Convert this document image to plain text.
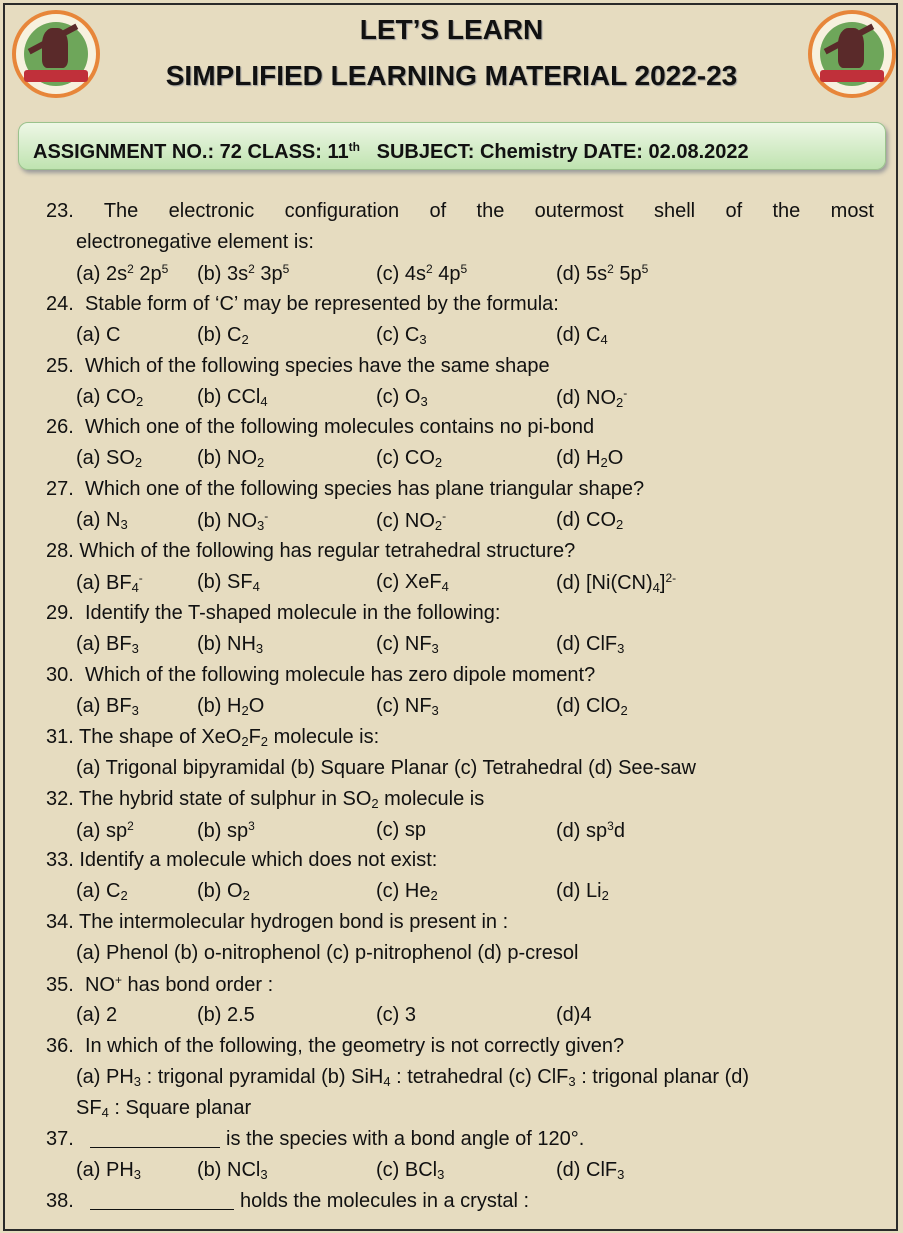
LET’S LEARN
SIMPLIFIED LEARNING MATERIAL 2022-23
ASSIGNMENT NO.: 72 CLASS: 11th SUBJECT: Chemistry DATE: 02.08.2022
23. The electronic configuration of the outermost shell of the most
electronegative element is:
(a) $2s^2$ $2p^5$ (b) $3s^2$ $3p^5$	(c) $4s^2$ $4p^5$	(d) $5s^2$ $5p^5$
24. Stable form of ‘C’ may be represented by the formula:
(a) C	(b) $C_2$	(c) $C_3$	(d) $C_4$
25. Which of the following species have the same shape
(a) $CO_2$	(b) CCl$_4$	(c) $O_3$	(d) $NO_2^-$
26. Which one of the following molecules contains no pi-bond
(a) $SO_2$	(b) $NO_2$	(c) $CO_2$	(d) $H_2O$
27. Which one of the following species has plane triangular shape?
(a) $N_3$	(b) $NO_3^-$	(c) $NO_2^-$	(d) $CO_2$
28. Which of the following has regular tetrahedral structure?
(a) $BF_4^-$	(b) $SF_4$	(c) XeF$_4$	(d) $[Ni(CN)_4]^{2-}$
29. Identify the T-shaped molecule in the following:
(a) $BF_3$	(b) $NH_3$	(c) $NF_3$	(d) ClF$_3$
30. Which of the following molecule has zero dipole moment?
(a) $BF_3$	(b) $H_2O$	(c) $NF_3$	(d) ClO$_2$
31. The shape of $XeO_2F_2$ molecule is:
(a) Trigonal bipyramidal (b) Square Planar (c) Tetrahedral (d) See-saw
32. The hybrid state of sulphur in $SO_2$ molecule is
(a) $sp^2$	(b) $sp^3$	(c) sp	(d) $sp^3d$
33. Identify a molecule which does not exist:
(a) $C_2$	(b) $O_2$	(c) $He_2$	(d) $Li_2$
34. The intermolecular hydrogen bond is present in :
(a) Phenol (b) o-nitrophenol (c) p-nitrophenol (d) p-cresol
35. NO+ has bond order :
(a) 2	(b) 2.5	(c) 3	(d)4
36. In which of the following, the geometry is not correctly given?
(a) $PH_3$ : trigonal pyramidal (b) SiH$_4$ : tetrahedral (c) ClF$_3$ : trigonal planar (d)
$SF_4$ : Square planar
37.	is the species with a bond angle of 120°.
(a) $PH_3$	(b) NCl$_3$	(c) BCl$_3$	(d) ClF$_3$
38.	holds the molecules in a crystal :
